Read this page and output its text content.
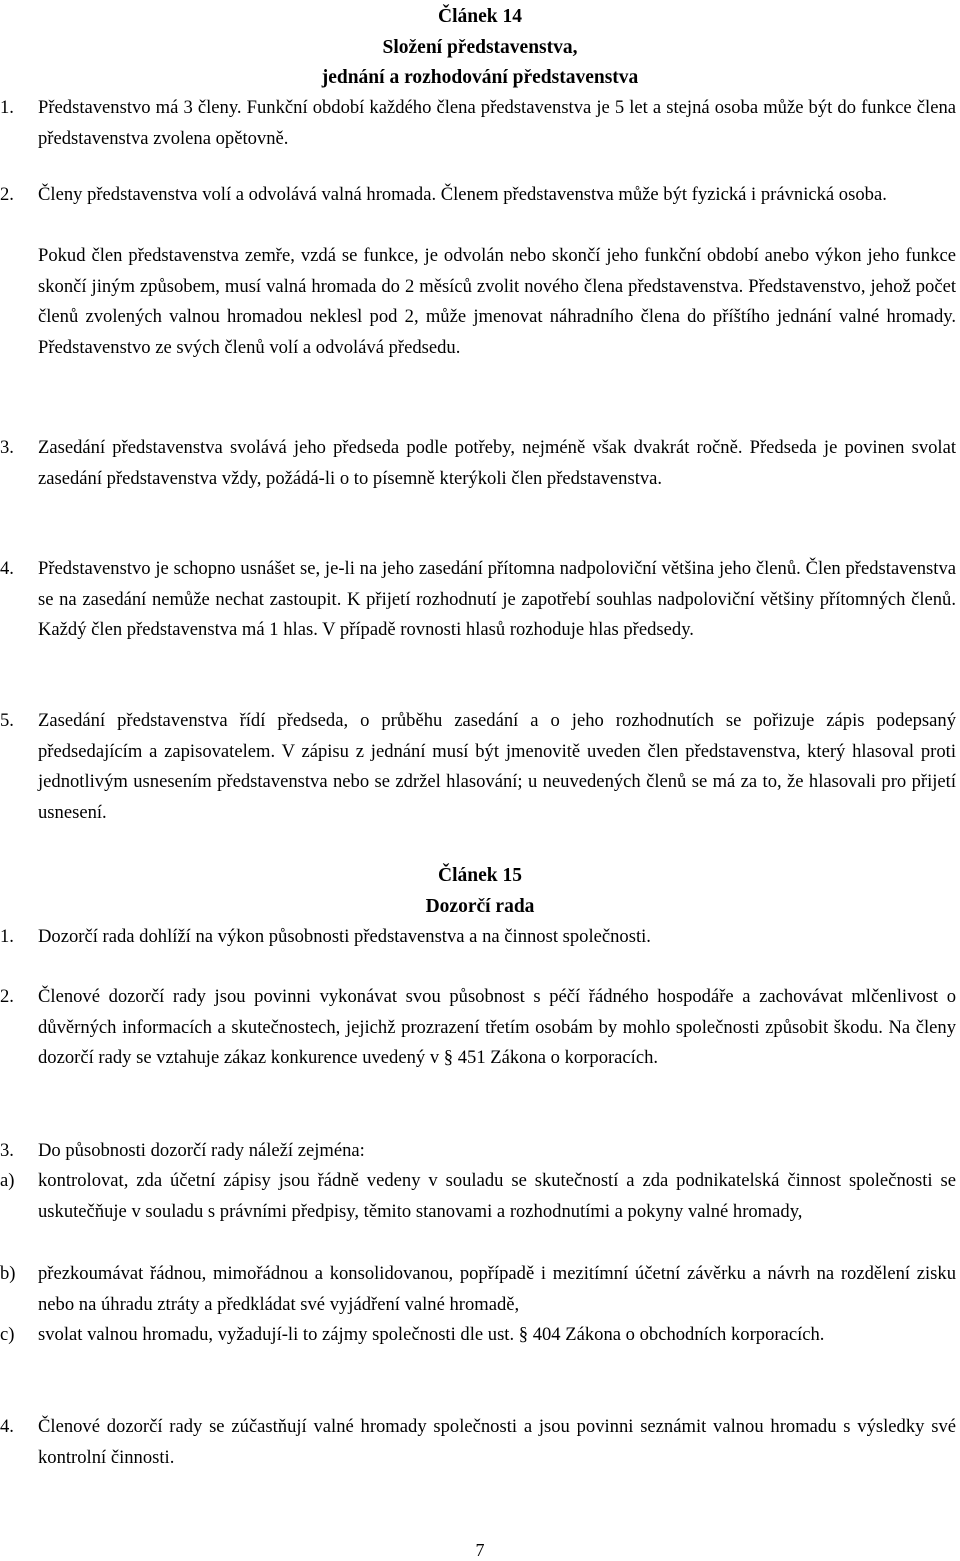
Článek 14
Složení představenstva,
jednání a rozhodování představenstva
1. Představenstvo má 3 členy. Funkční období každého člena představenstva je 5 let a stejná osoba může být do funkce člena představenstva zvolena opětovně.
2. Členy představenstva volí a odvolává valná hromada. Členem představenstva může být fyzická i právnická osoba.
Pokud člen představenstva zemře, vzdá se funkce, je odvolán nebo skončí jeho funkční období anebo výkon jeho funkce skončí jiným způsobem, musí valná hromada do 2 měsíců zvolit nového člena představenstva. Představenstvo, jehož počet členů zvolených valnou hromadou neklesl pod 2, může jmenovat náhradního člena do příštího jednání valné hromady. Představenstvo ze svých členů volí a odvolává předsedu.
3. Zasedání představenstva svolává jeho předseda podle potřeby, nejméně však dvakrát ročně. Předseda je povinen svolat zasedání představenstva vždy, požádá-li o to písemně kterýkoli člen představenstva.
4. Představenstvo je schopno usnášet se, je-li na jeho zasedání přítomna nadpoloviční většina jeho členů. Člen představenstva se na zasedání nemůže nechat zastoupit. K přijetí rozhodnutí je zapotřebí souhlas nadpoloviční většiny přítomných členů. Každý člen představenstva má 1 hlas. V případě rovnosti hlasů rozhoduje hlas předsedy.
5. Zasedání představenstva řídí předseda, o průběhu zasedání a o jeho rozhodnutích se pořizuje zápis podepsaný předsedajícím a zapisovatelem. V zápisu z jednání musí být jmenovitě uveden člen představenstva, který hlasoval proti jednotlivým usnesením představenstva nebo se zdržel hlasování; u neuvedených členů se má za to, že hlasovali pro přijetí usnesení.
Článek 15
Dozorčí rada
1. Dozorčí rada dohlíží na výkon působnosti představenstva a na činnost společnosti.
2. Členové dozorčí rady jsou povinni vykonávat svou působnost s péčí řádného hospodáře a zachovávat mlčenlivost o důvěrných informacích a skutečnostech, jejichž prozrazení třetím osobám by mohlo společnosti způsobit škodu. Na členy dozorčí rady se vztahuje zákaz konkurence uvedený v § 451 Zákona o korporacích.
3. Do působnosti dozorčí rady náleží zejména:
a) kontrolovat, zda účetní zápisy jsou řádně vedeny v souladu se skutečností a zda podnikatelská činnost společnosti se uskutečňuje v souladu s právními předpisy, těmito stanovami a rozhodnutími a pokyny valné hromady,
b) přezkoumávat řádnou, mimořádnou a konsolidovanou, popřípadě i mezitímní účetní závěrku a návrh na rozdělení zisku nebo na úhradu ztráty a předkládat své vyjádření valné hromadě,
c) svolat valnou hromadu, vyžadují-li to zájmy společnosti dle ust. § 404 Zákona o obchodních korporacích.
4. Členové dozorčí rady se zúčastňují valné hromady společnosti a jsou povinni seznámit valnou hromadu s výsledky své kontrolní činnosti.
7
